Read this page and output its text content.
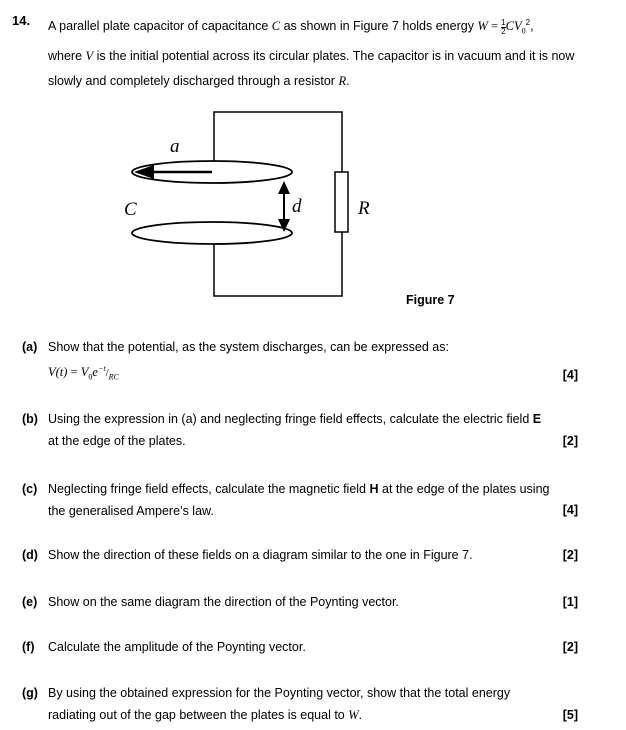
14. A parallel plate capacitor of capacitance C as shown in Figure 7 holds energy $W = \frac{1}{2} CV_0^2$,
where V is the initial potential across its circular plates. The capacitor is in vacuum and it is now slowly and completely discharged through a resistor R.
a
C	d	R
Figure 7
(a) Show that the potential, as the system discharges, can be expressed as:
$V(t) = V_0e^{-t}/_{RC}$	[4]
(b) Using the expression in (a) and neglecting fringe field effects, calculate the electric field E
at the edge of the plates.	[2]
(c) Neglecting fringe field effects, calculate the magnetic field H at the edge of the plates using
the generalised Ampere’s law.	[4]
(d) Show the direction of these fields on a diagram similar to the one in Figure 7.	[2]
(e) Show on the same diagram the direction of the Poynting vector.	[1]
(f) Calculate the amplitude of the Poynting vector.	[2]
(g) By using the obtained expression for the Poynting vector, show that the total energy
radiating out of the gap between the plates is equal to W.	[5]
